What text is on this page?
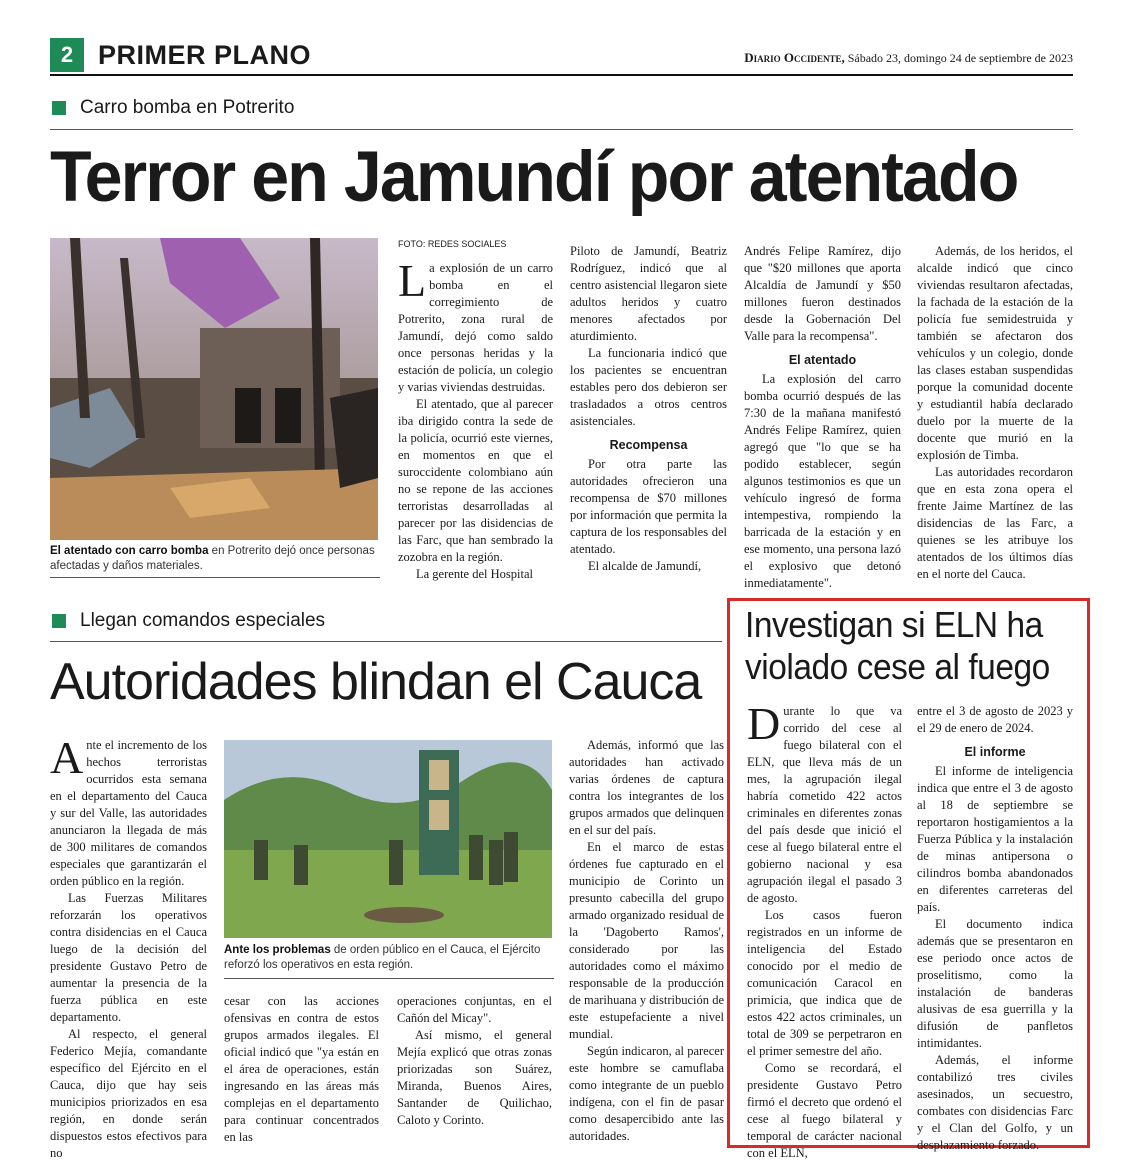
2 PRIMER PLANO	Diario Occidente, Sábado 23, domingo 24 de septiembre de 2023
Carro bomba en Potrerito
Terror en Jamundí por atentado
El atentado con carro bomba en Potrerito dejó once personas afectadas y daños materiales.
FOTO: REDES SOCIALES

La explosión de un carro bomba en el corregimiento de Potrerito, zona rural de Jamundí, dejó como saldo once personas heridas y la estación de policía, un colegio y varias viviendas destruidas.

El atentado, que al parecer iba dirigido contra la sede de la policía, ocurrió este viernes, en momentos en que el suroccidente colombiano aún no se repone de las acciones terroristas desarrolladas al parecer por las disidencias de las Farc, que han sembrado la zozobra en la región.

La gerente del Hospital

Piloto de Jamundí, Beatriz Rodríguez, indicó que al centro asistencial llegaron siete adultos heridos y cuatro menores afectados por aturdimiento.

La funcionaria indicó que los pacientes se encuentran estables pero dos debieron ser trasladados a otros centros asistenciales.

Recompensa

Por otra parte las autoridades ofrecieron una recompensa de $70 millones por información que permita la captura de los responsables del atentado.

El alcalde de Jamundí,

Andrés Felipe Ramírez, dijo que "$20 millones que aporta Alcaldía de Jamundí y $50 millones fueron destinados desde la Gobernación Del Valle para la recompensa".

El atentado

La explosión del carro bomba ocurrió después de las 7:30 de la mañana manifestó Andrés Felipe Ramírez, quien agregó que "lo que se ha podido establecer, según algunos testimonios es que un vehículo ingresó de forma intempestiva, rompiendo la barricada de la estación y en ese momento, una persona lazó el explosivo que detonó inmediatamente".

Además, de los heridos, el alcalde indicó que cinco viviendas resultaron afectadas, la fachada de la estación de la policía fue semidestruida y también se afectaron dos vehículos y un colegio, donde las clases estaban suspendidas porque la comunidad docente y estudiantil había declarado duelo por la muerte de la docente que murió en la explosión de Timba.

Las autoridades recordaron que en esta zona opera el frente Jaime Martínez de las disidencias de las Farc, a quienes se les atribuye los atentados de los últimos días en el norte del Cauca.

Llegan comandos especiales
Autoridades blindan el Cauca

Ante el incremento de los hechos terroristas ocurridos esta semana en el departamento del Cauca y sur del Valle, las autoridades anunciaron la llegada de más de 300 militares de comandos especiales que garantizarán el orden público en la región.

Las Fuerzas Militares reforzarán los operativos contra disidencias en el Cauca luego de la decisión del presidente Gustavo Petro de aumentar la presencia de la fuerza pública en este departamento.

Al respecto, el general Federico Mejía, comandante específico del Ejército en el Cauca, dijo que hay seis municipios priorizados en esa región, en donde serán dispuestos estos efectivos para no

Ante los problemas de orden público en el Cauca, el Ejército reforzó los operativos en esta región.

cesar con las acciones ofensivas en contra de estos grupos armados ilegales. El oficial indicó que "ya están en el área de operaciones, están ingresando en las áreas más complejas en el departamento para continuar concentrados en las

operaciones conjuntas, en el Cañón del Micay".

Así mismo, el general Mejía explicó que otras zonas priorizadas son Suárez, Miranda, Buenos Aires, Santander de Quilichao, Caloto y Corinto.

Además, informó que las autoridades han activado varias órdenes de captura contra los integrantes de los grupos armados que delinquen en el sur del país.

En el marco de estas órdenes fue capturado en el municipio de Corinto un presunto cabecilla del grupo armado organizado residual de la 'Dagoberto Ramos', considerado por las autoridades como el máximo responsable de la producción de marihuana y distribución de este estupefaciente a nivel mundial.

Según indicaron, al parecer este hombre se camuflaba como integrante de un pueblo indígena, con el fin de pasar como desapercibido ante las autoridades.

Investigan si ELN ha violado cese al fuego

Durante lo que va corrido del cese al fuego bilateral con el ELN, que lleva más de un mes, la agrupación ilegal habría cometido 422 actos criminales en diferentes zonas del país desde que inició el cese al fuego bilateral entre el gobierno nacional y esa agrupación ilegal el pasado 3 de agosto.

Los casos fueron registrados en un informe de inteligencia del Estado conocido por el medio de comunicación Caracol en primicia, que indica que de estos 422 actos criminales, un total de 309 se perpetraron en el primer semestre del año.

Como se recordará, el presidente Gustavo Petro firmó el decreto que ordenó el cese al fuego bilateral y temporal de carácter nacional con el ELN,

entre el 3 de agosto de 2023 y el 29 de enero de 2024.

El informe

El informe de inteligencia indica que entre el 3 de agosto al 18 de septiembre se reportaron hostigamientos a la Fuerza Pública y la instalación de minas antipersona o cilindros bomba abandonados en diferentes carreteras del país.

El documento indica además que se presentaron en ese periodo once actos de proselitismo, como la instalación de banderas alusivas de esa guerrilla y la difusión de panfletos intimidantes.

Además, el informe contabilizó tres civiles asesinados, un secuestro, combates con disidencias Farc y el Clan del Golfo, y un desplazamiento forzado.
